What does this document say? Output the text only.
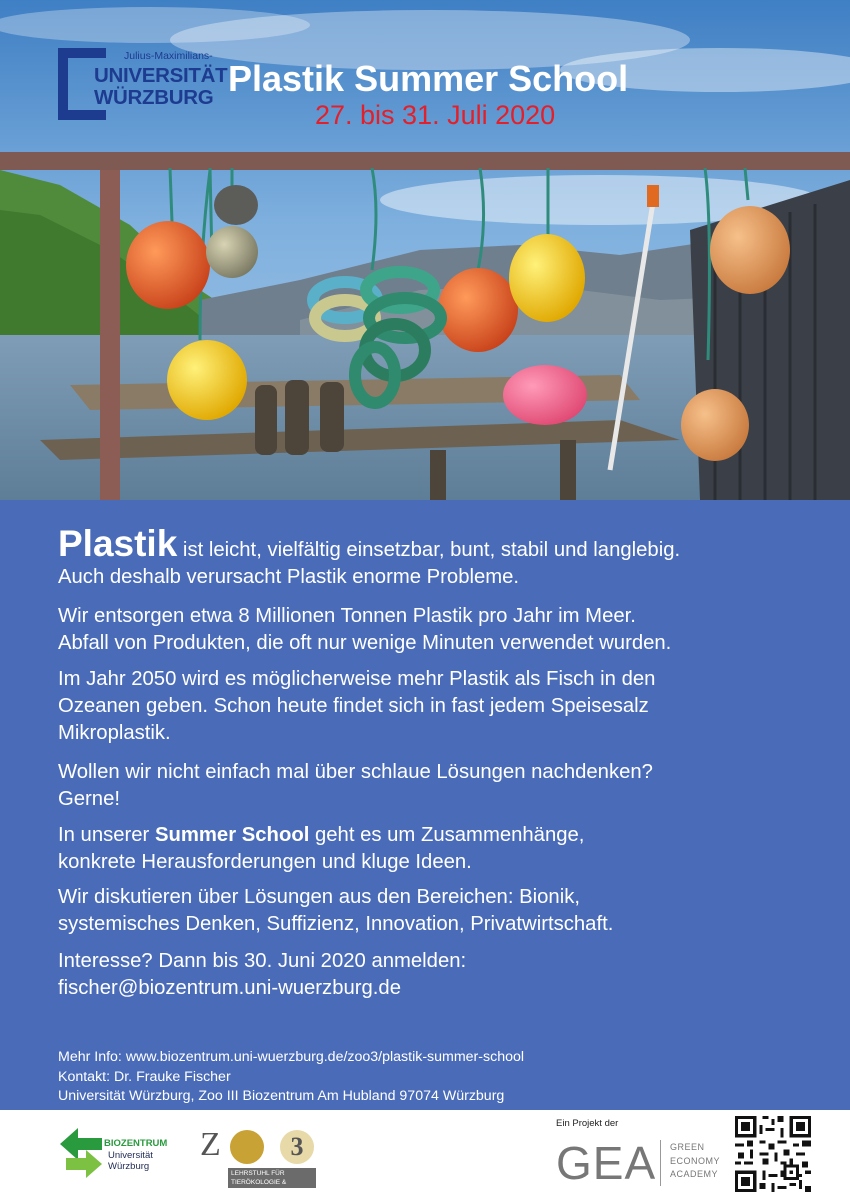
Julius-Maximilians-
UNIVERSITÄT
WÜRZBURG Plastik Summer School
27. bis 31. Juli 2020
Plastik ist leicht, vielfältig einsetzbar, bunt, stabil und langlebig.
Auch deshalb verursacht Plastik enorme Probleme.
Wir entsorgen etwa 8 Millionen Tonnen Plastik pro Jahr im Meer.
Abfall von Produkten, die oft nur wenige Minuten verwendet wurden.
Im Jahr 2050 wird es möglicherweise mehr Plastik als Fisch in den
Ozeanen geben. Schon heute findet sich in fast jedem Speisesalz
Mikroplastik.
Wollen wir nicht einfach mal über schlaue Lösungen nachdenken?
Gerne!
In unserer Summer School geht es um Zusammenhänge,
konkrete Herausforderungen und kluge Ideen.
Wir diskutieren über Lösungen aus den Bereichen: Bionik,
systemisches Denken, Suffizienz, Innovation, Privatwirtschaft.
Interesse? Dann bis 30. Juni 2020 anmelden:
fischer@biozentrum.uni-wuerzburg.de
Mehr Info: www.biozentrum.uni-wuerzburg.de/zoo3/plastik-summer-school
Kontakt: Dr. Frauke Fischer
Universität Würzburg, Zoo III Biozentrum Am Hubland 97074 Würzburg
BIOZENTRUM
Universität
Würzburg
Z	3
LEHRSTUHL FÜR
TIERÖKOLOGIE & TROPENBIOLOGIE
Ein Projekt der
GEA GREEN
ECONOMY
ACADEMY
